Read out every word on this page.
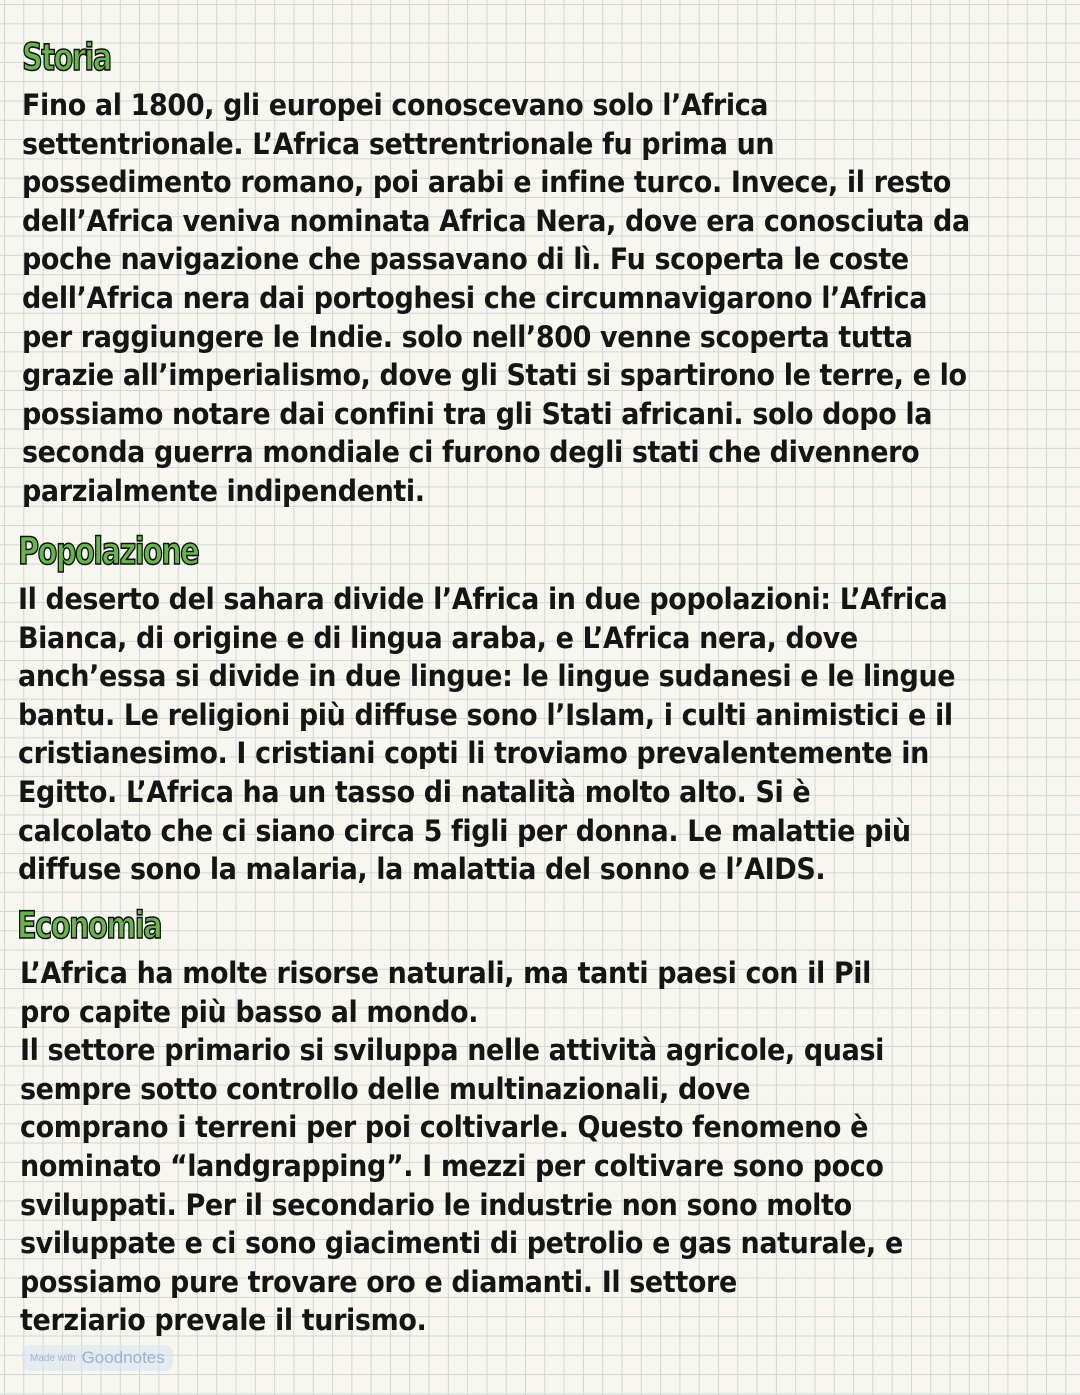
Storia
Fino al 1800, gli europei conoscevano solo l’Africa
settentrionale. L’Africa settrentrionale fu prima un
possedimento romano, poi arabi e infine turco. Invece, il resto
dell’Africa veniva nominata Africa Nera, dove era conosciuta da
poche navigazione che passavano di lì. Fu scoperta le coste
dell’Africa nera dai portoghesi che circumnavigarono l’Africa
per raggiungere le Indie. solo nell’800 venne scoperta tutta
grazie all’imperialismo, dove gli Stati si spartirono le terre, e lo
possiamo notare dai confini tra gli Stati africani. solo dopo la
seconda guerra mondiale ci furono degli stati che divennero
parzialmente indipendenti.
Popolazione
Il deserto del sahara divide l’Africa in due popolazioni: L’Africa
Bianca, di origine e di lingua araba, e L’Africa nera, dove
anch’essa si divide in due lingue: le lingue sudanesi e le lingue
bantu. Le religioni più diffuse sono l’Islam, i culti animistici e il
cristianesimo. I cristiani copti li troviamo prevalentemente in
Egitto. L’Africa ha un tasso di natalità molto alto. Si è
calcolato che ci siano circa 5 figli per donna. Le malattie più
diffuse sono la malaria, la malattia del sonno e l’AIDS.
Economia
L’Africa ha molte risorse naturali, ma tanti paesi con il Pil
pro capite più basso al mondo.
Il settore primario si sviluppa nelle attività agricole, quasi
sempre sotto controllo delle multinazionali, dove
comprano i terreni per poi coltivarle. Questo fenomeno è
nominato “landgrapping”. I mezzi per coltivare sono poco
sviluppati. Per il secondario le industrie non sono molto
sviluppate e ci sono giacimenti di petrolio e gas naturale, e
possiamo pure trovare oro e diamanti. Il settore
terziario prevale il turismo.
Made with Goodnotes
